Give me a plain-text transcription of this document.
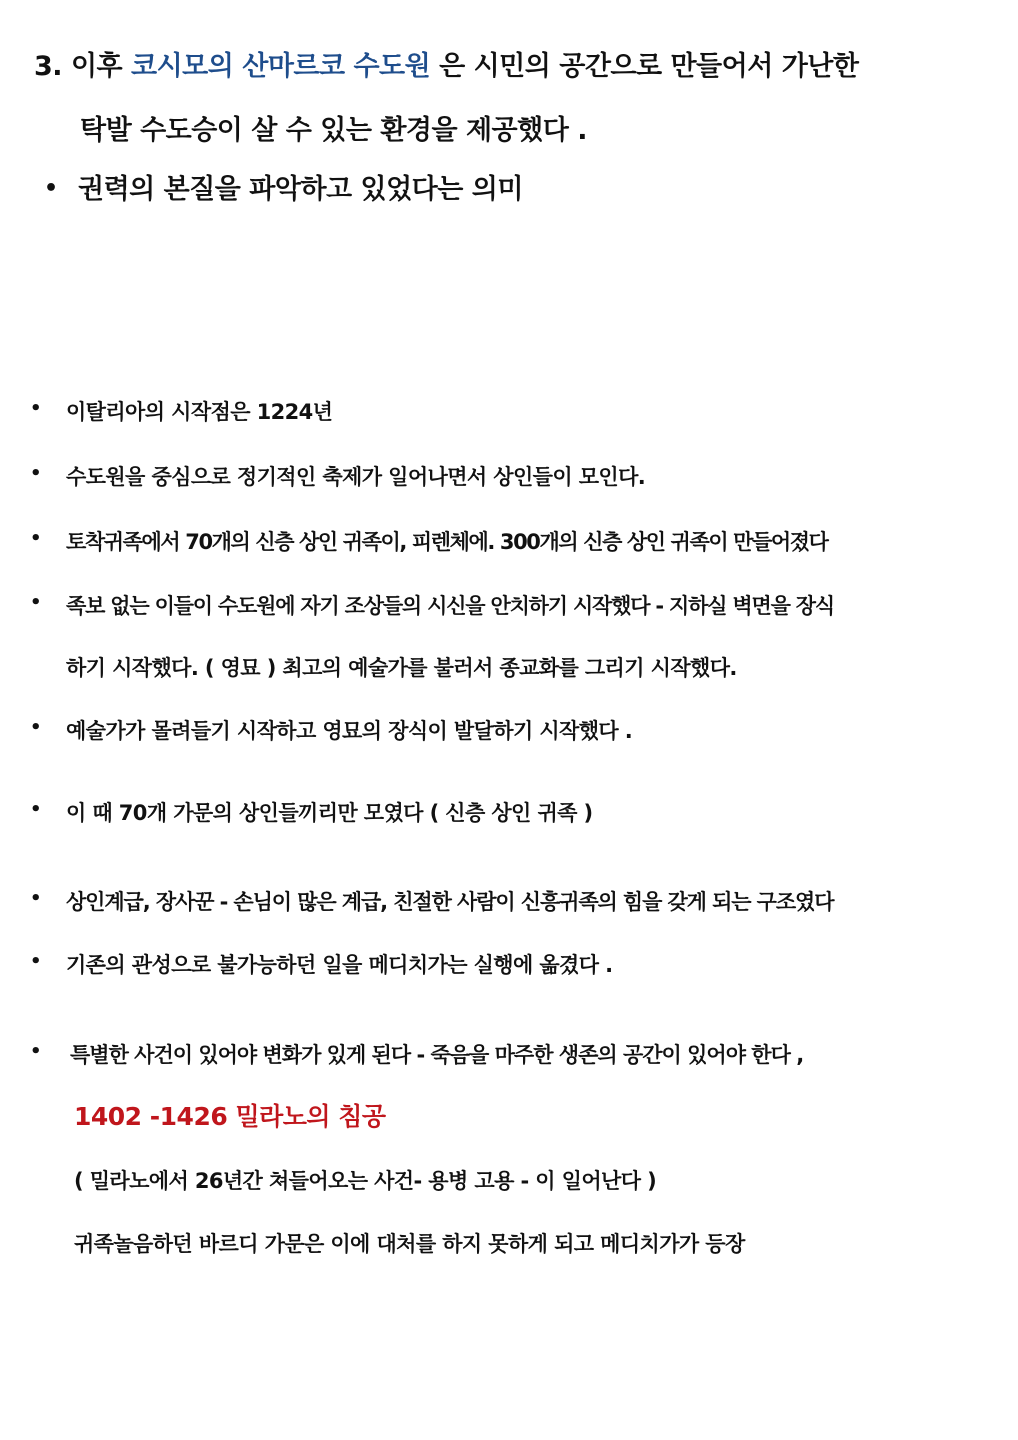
3. 이후 코시모의 산마르코 수도원 은 시민의 공간으로 만들어서 가난한
탁발 수도승이 살 수 있는 환경을 제공했다 .
• 권력의 본질을 파악하고 있었다는 의미
• 이탈리아의 시작점은 1224년
• 수도원을 중심으로 정기적인 축제가 일어나면서 상인들이 모인다.
• 토착귀족에서 70개의 신층 상인 귀족이, 피렌체에. 300개의 신층 상인 귀족이 만들어졌다
• 족보 없는 이들이 수도원에 자기 조상들의 시신을 안치하기 시작했다 - 지하실 벽면을 장식
하기 시작했다. ( 영묘 ) 최고의 예술가를 불러서 종교화를 그리기 시작했다.
• 예술가가 몰려들기 시작하고 영묘의 장식이 발달하기 시작했다 .
• 이 때 70개 가문의 상인들끼리만 모였다 ( 신층 상인 귀족 )
• 상인계급, 장사꾼 - 손님이 많은 계급, 친절한 사람이 신흥귀족의 힘을 갖게 되는 구조였다
• 기존의 관성으로 불가능하던 일을 메디치가는 실행에 옮겼다 .
• 특별한 사건이 있어야 변화가 있게 된다 - 죽음을 마주한 생존의 공간이 있어야 한다 ,
1402 -1426 밀라노의 침공
( 밀라노에서 26년간 쳐들어오는 사건- 용병 고용 - 이 일어난다 )
귀족놀음하던 바르디 가문은 이에 대처를 하지 못하게 되고 메디치가가 등장
